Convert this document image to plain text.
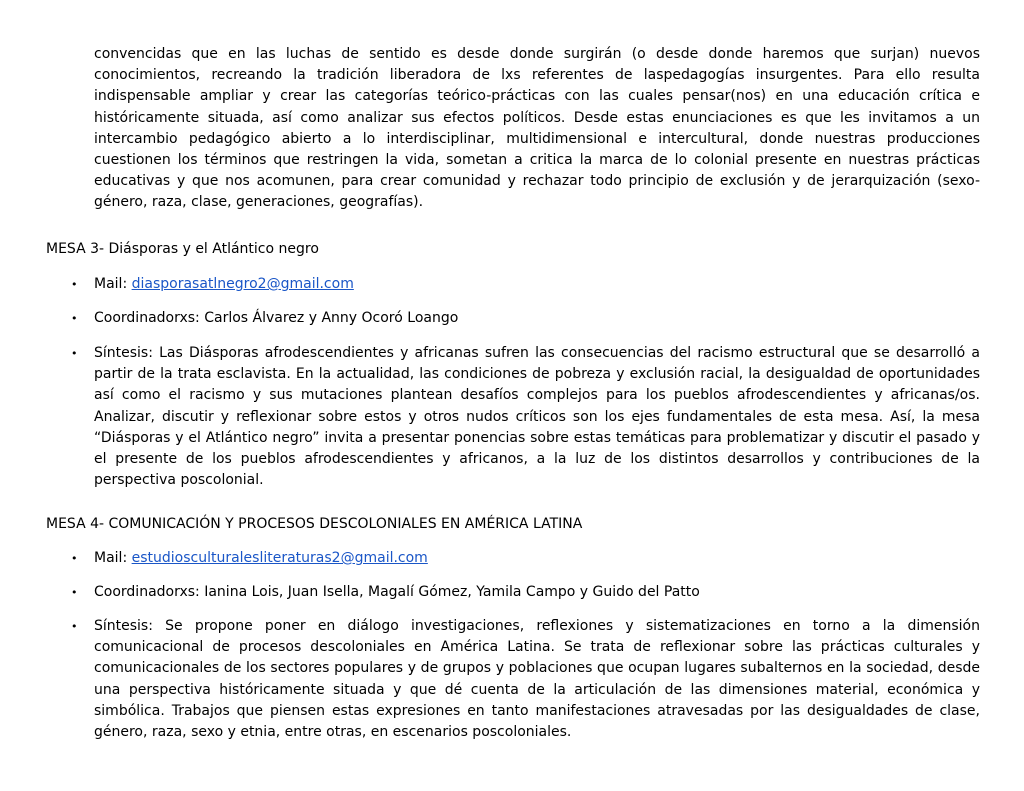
convencidas que en las luchas de sentido es desde donde surgirán (o desde donde haremos que surjan) nuevos conocimientos, recreando la tradición liberadora de lxs referentes de laspedagogías insurgentes. Para ello resulta indispensable ampliar y crear las categorías teórico-prácticas con las cuales pensar(nos) en una educación crítica e históricamente situada, así como analizar sus efectos políticos. Desde estas enunciaciones es que les invitamos a un intercambio pedagógico abierto a lo interdisciplinar, multidimensional e intercultural, donde nuestras producciones cuestionen los términos que restringen la vida, sometan a critica la marca de lo colonial presente en nuestras prácticas educativas y que nos acomunen, para crear comunidad y rechazar todo principio de exclusión y de jerarquización (sexo-género, raza, clase, generaciones, geografías).

MESA 3- Diásporas y el Atlántico negro

• Mail: diasporasatlnegro2@gmail.com
• Coordinadorxs: Carlos Álvarez y Anny Ocoró Loango
• Síntesis: Las Diásporas afrodescendientes y africanas sufren las consecuencias del racismo estructural que se desarrolló a partir de la trata esclavista. En la actualidad, las condiciones de pobreza y exclusión racial, la desigualdad de oportunidades así como el racismo y sus mutaciones plantean desafíos complejos para los pueblos afrodescendientes y africanas/os. Analizar, discutir y reflexionar sobre estos y otros nudos críticos son los ejes fundamentales de esta mesa. Así, la mesa “Diásporas y el Atlántico negro” invita a presentar ponencias sobre estas temáticas para problematizar y discutir el pasado y el presente de los pueblos afrodescendientes y africanos, a la luz de los distintos desarrollos y contribuciones de la perspectiva poscolonial.

MESA 4- COMUNICACIÓN Y PROCESOS DESCOLONIALES EN AMÉRICA LATINA

• Mail: estudiosculturalesliteraturas2@gmail.com
• Coordinadorxs: Ianina Lois, Juan Isella, Magalí Gómez, Yamila Campo y Guido del Patto
• Síntesis: Se propone poner en diálogo investigaciones, reflexiones y sistematizaciones en torno a la dimensión comunicacional de procesos descoloniales en América Latina. Se trata de reflexionar sobre las prácticas culturales y comunicacionales de los sectores populares y de grupos y poblaciones que ocupan lugares subalternos en la sociedad, desde una perspectiva históricamente situada y que dé cuenta de la articulación de las dimensiones material, económica y simbólica. Trabajos que piensen estas expresiones en tanto manifestaciones atravesadas por las desigualdades de clase, género, raza, sexo y etnia, entre otras, en escenarios poscoloniales.
